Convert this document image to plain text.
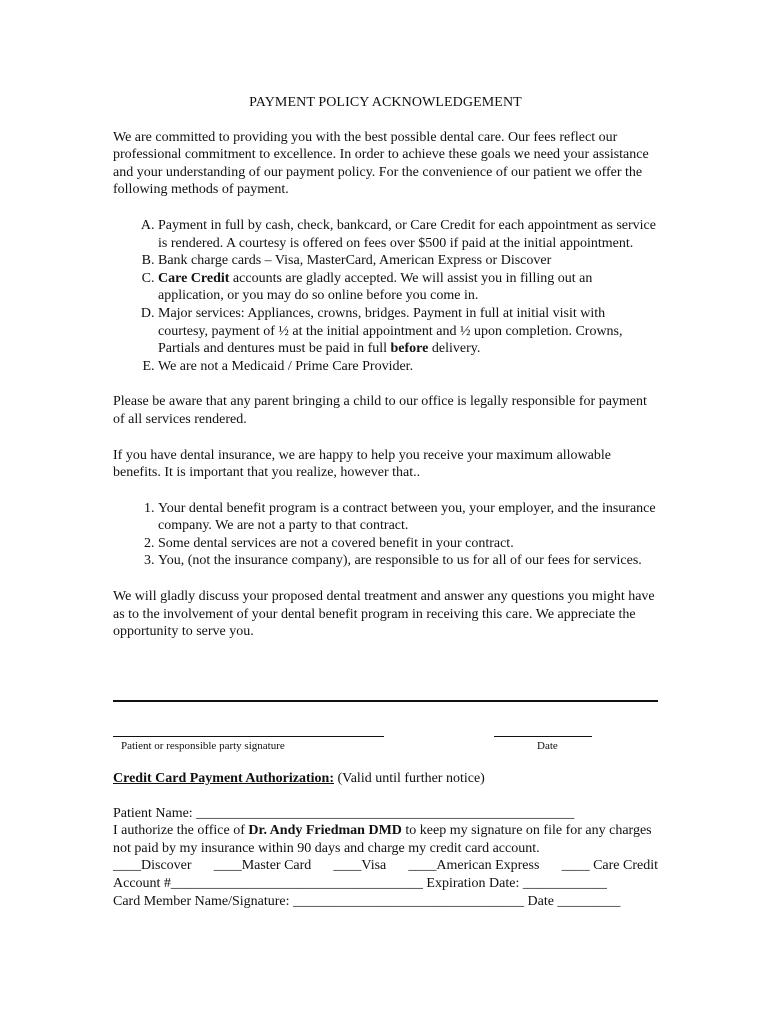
PAYMENT POLICY ACKNOWLEDGEMENT

We are committed to providing you with the best possible dental care. Our fees reflect our professional commitment to excellence. In order to achieve these goals we need your assistance and your understanding of our payment policy. For the convenience of our patient we offer the following methods of payment.

A. Payment in full by cash, check, bankcard, or Care Credit for each appointment as service is rendered. A courtesy is offered on fees over $500 if paid at the initial appointment.
B. Bank charge cards – Visa, MasterCard, American Express or Discover
C. Care Credit accounts are gladly accepted. We will assist you in filling out an application, or you may do so online before you come in.
D. Major services: Appliances, crowns, bridges. Payment in full at initial visit with courtesy, payment of ½ at the initial appointment and ½ upon completion. Crowns, Partials and dentures must be paid in full before delivery.
E. We are not a Medicaid / Prime Care Provider.

Please be aware that any parent bringing a child to our office is legally responsible for payment of all services rendered.

If you have dental insurance, we are happy to help you receive your maximum allowable benefits. It is important that you realize, however that..

1. Your dental benefit program is a contract between you, your employer, and the insurance company. We are not a party to that contract.
2. Some dental services are not a covered benefit in your contract.
3. You, (not the insurance company), are responsible to us for all of our fees for services.

We will gladly discuss your proposed dental treatment and answer any questions you might have as to the involvement of your dental benefit program in receiving this care. We appreciate the opportunity to serve you.

Patient or responsible party signature	Date

Credit Card Payment Authorization: (Valid until further notice)

Patient Name: ______________________________________________________

I authorize the office of Dr. Andy Friedman DMD to keep my signature on file for any charges not paid by my insurance within 90 days and charge my credit card account.

____Discover ____Master Card ____Visa ____American Express ____ Care Credit

Account #____________________________________ Expiration Date: ____________

Card Member Name/Signature: _________________________________ Date _________
